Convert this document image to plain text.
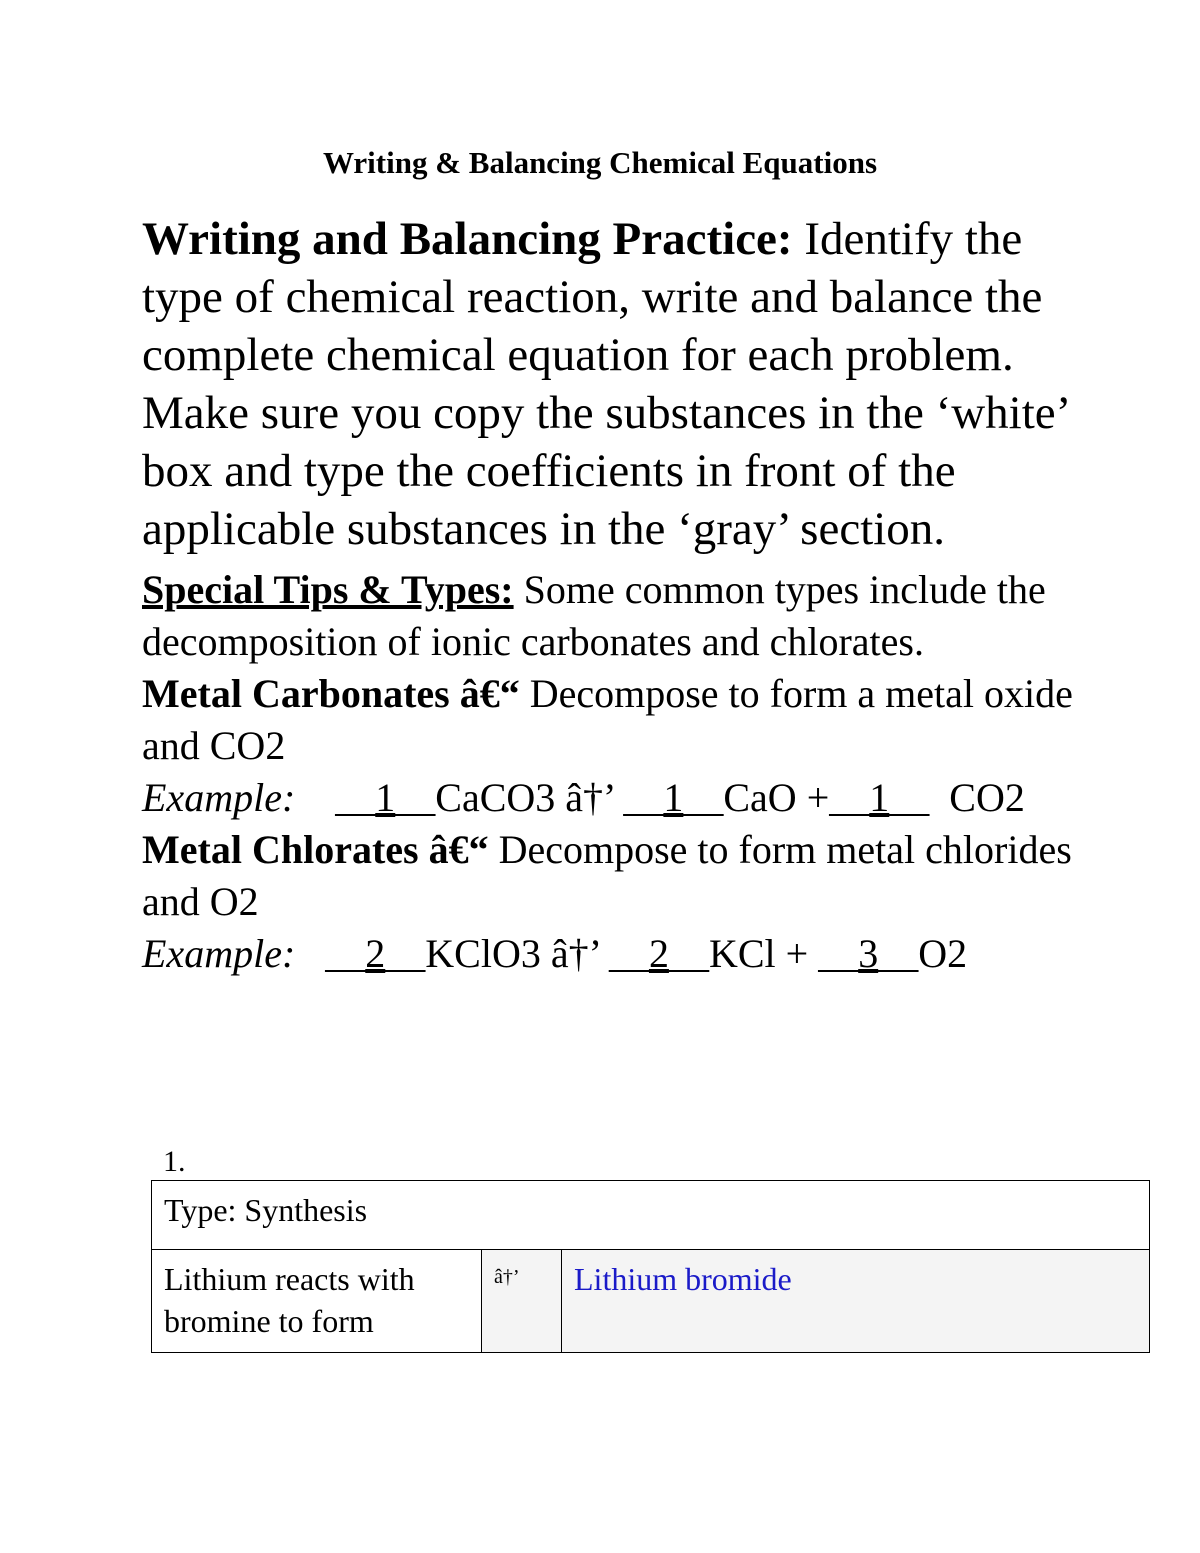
Writing & Balancing Chemical Equations

Writing and Balancing Practice: Identify the type of chemical reaction, write and balance the complete chemical equation for each problem. Make sure you copy the substances in the ‘white’ box and type the coefficients in front of the applicable substances in the ‘gray’ section.

Special Tips & Types: Some common types include the decomposition of ionic carbonates and chlorates.

Metal Carbonates â€“ Decompose to form a metal oxide and CO2

Example:    __1__CaCO3 â†’ __1__CaO +__1__  CO2

Metal Chlorates â€“ Decompose to form metal chlorides and O2

Example:   __2__KClO3 â†’ __2__KCl + __3__O2

1.
Type: Synthesis
Lithium reacts with bromine to form	â†’	Lithium bromide
